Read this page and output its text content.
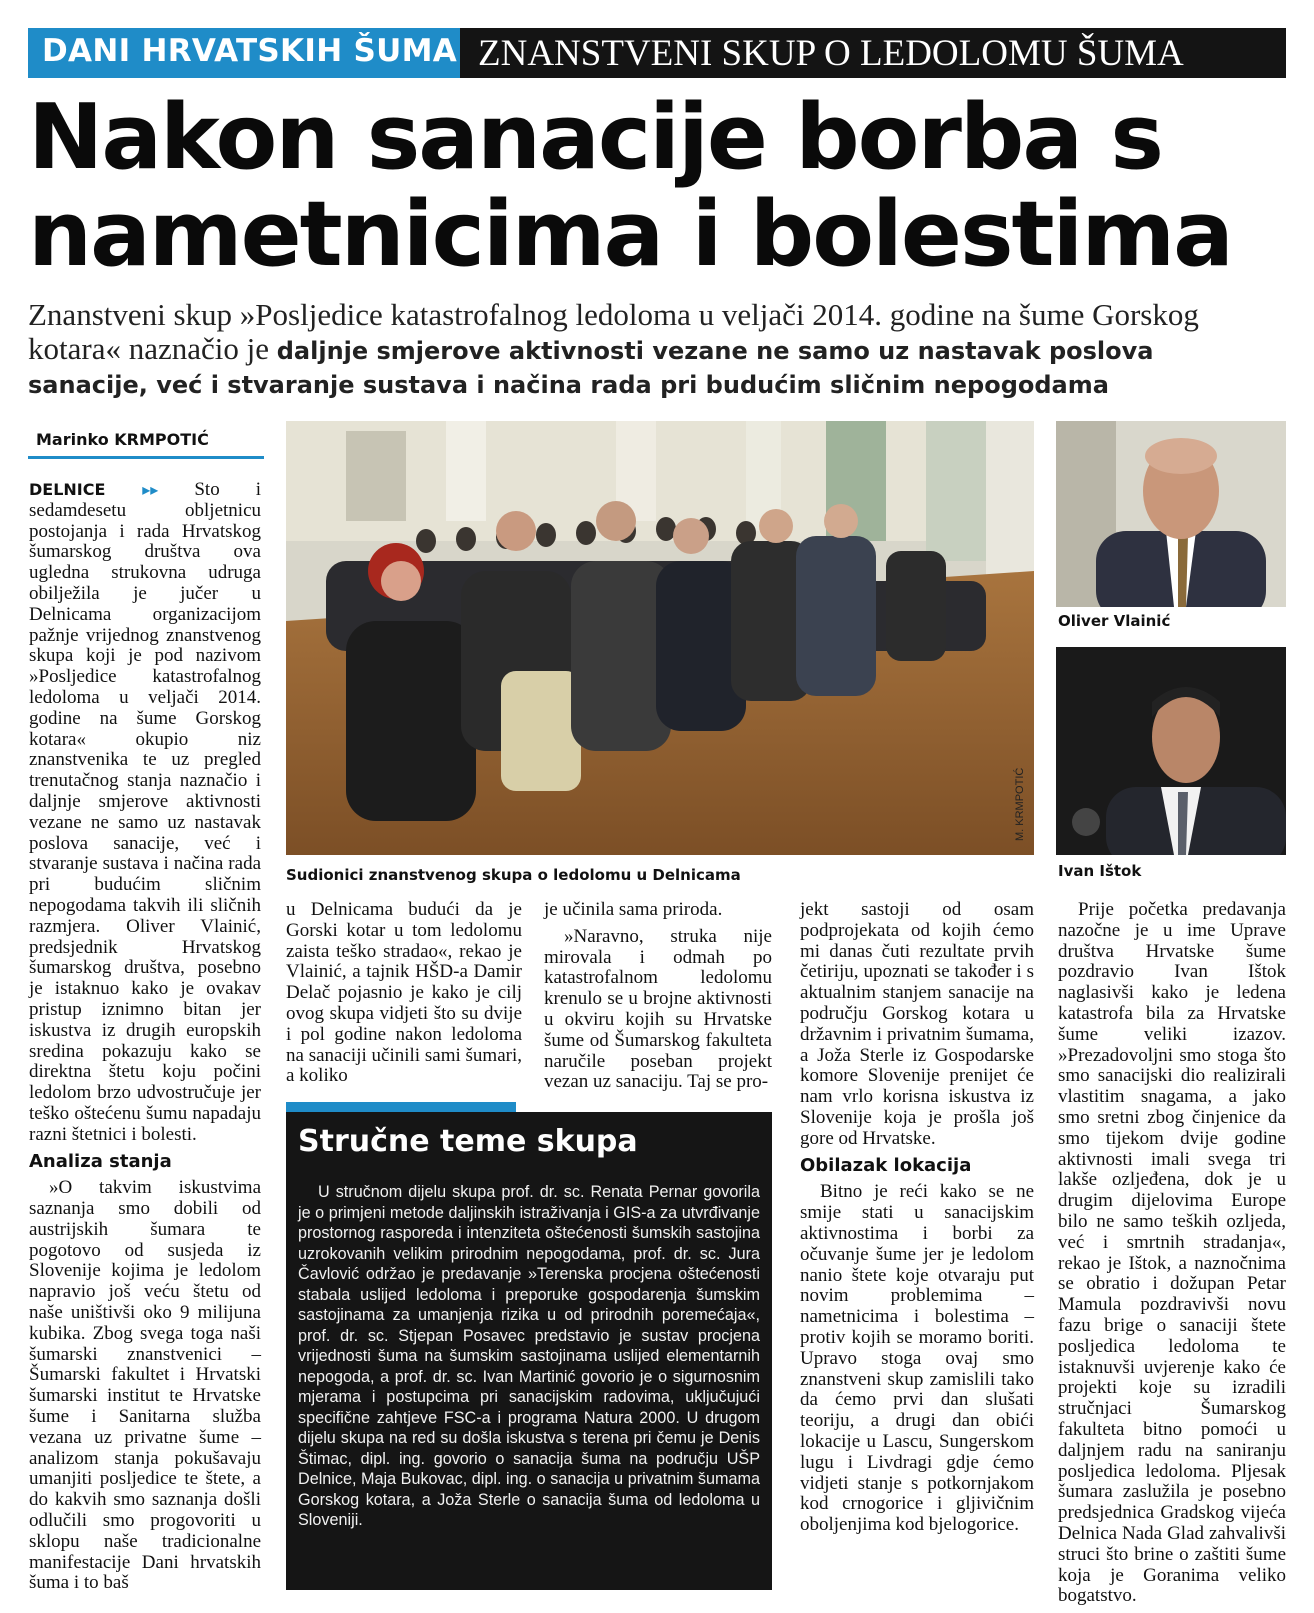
DANI HRVATSKIH ŠUMA ZNANSTVENI SKUP O LEDOLOMU ŠUMA
Nakon sanacije borba s
nametnicima i bolestima
Znanstveni skup »Posljedice katastrofalnog ledoloma u veljači 2014. godine na šume Gorskog
kotara« naznačio je daljnje smjerove aktivnosti vezane ne samo uz nastavak poslova
sanacije, već i stvaranje sustava i načina rada pri budućim sličnim nepogodama
Marinko KRMPOTIĆ

DELNICE ▸▸ Sto i sedamdesetu obljetnicu postojanja i rada Hrvatskog šumarskog društva ova ugledna strukovna udruga obilježila je jučer u Delnicama organizacijom pažnje vrijednog znanstvenog skupa koji je pod nazivom »Posljedice katastrofalnog ledoloma u veljači 2014. godine na šume Gorskog kotara« okupio niz znanstvenika te uz pregled trenutačnog stanja naznačio i daljnje smjerove aktivnosti vezane ne samo uz nastavak poslova sanacije, već i stvaranje sustava i načina rada pri budućim sličnim nepogodama takvih ili sličnih razmjera. Oliver Vlainić, predsjednik Hrvatskog šumarskog društva, posebno je istaknuo kako je ovakav pristup iznimno bitan jer iskustva iz drugih europskih sredina pokazuju kako se direktna štetu koju počini ledolom brzo udvostručuje jer teško oštećenu šumu napadaju razni štetnici i bolesti.

Analiza stanja

»O takvim iskustvima saznanja smo dobili od austrijskih šumara te pogotovo od susjeda iz Slovenije kojima je ledolom napravio još veću štetu od naše uništivši oko 9 milijuna kubika. Zbog svega toga naši šumarski znanstvenici – Šumarski fakultet i Hrvatski šumarski institut te Hrvatske šume i Sanitarna služba vezana uz privatne šume – analizom stanja pokušavaju umanjiti posljedice te štete, a do kakvih smo saznanja došli odlučili smo progovoriti u sklopu naše tradicionalne manifestacije Dani hrvatskih šuma i to baš

M. KRMPOTIĆ
Sudionici znanstvenog skupa o ledolomu u Delnicama
Oliver Vlainić
Ivan Ištok

u Delnicama budući da je Gorski kotar u tom ledolomu zaista teško stradao«, rekao je Vlainić, a tajnik HŠD-a Damir Delač pojasnio je kako je cilj ovog skupa vidjeti što su dvije i pol godine nakon ledoloma na sanaciji učinili sami šumari, a koliko

je učinila sama priroda.

»Naravno, struka nije mirovala i odmah po katastrofalnom ledolomu krenulo se u brojne aktivnosti u okviru kojih su Hrvatske šume od Šumarskog fakulteta naručile poseban projekt vezan uz sanaciju. Taj se pro-

jekt sastoji od osam podprojekata od kojih ćemo mi danas čuti rezultate prvih četiriju, upoznati se također i s aktualnim stanjem sanacije na području Gorskog kotara u državnim i privatnim šumama, a Joža Sterle iz Gospodarske komore Slovenije prenijet će nam vrlo korisna iskustva iz Slovenije koja je prošla još gore od Hrvatske.

Obilazak lokacija

Bitno je reći kako se ne smije stati u sanacijskim aktivnostima i borbi za očuvanje šume jer je ledolom nanio štete koje otvaraju put novim problemima – nametnicima i bolestima – protiv kojih se moramo boriti. Upravo stoga ovaj smo znanstveni skup zamislili tako da ćemo prvi dan slušati teoriju, a drugi dan obići lokacije u Lascu, Sungerskom lugu i Livdragi gdje ćemo vidjeti stanje s potkornjakom kod crnogorice i gljivičnim oboljenjima kod bjelogorice.

Prije početka predavanja nazočne je u ime Uprave društva Hrvatske šume pozdravio Ivan Ištok naglasivši kako je ledena katastrofa bila za Hrvatske šume veliki izazov. »Prezadovoljni smo stoga što smo sanacijski dio realizirali vlastitim snagama, a jako smo sretni zbog činjenice da smo tijekom dvije godine aktivnosti imali svega tri lakše ozljeđena, dok je u drugim dijelovima Europe bilo ne samo teških ozljeda, već i smrtnih stradanja«, rekao je Ištok, a naznočnima se obratio i dožupan Petar Mamula pozdravivši novu fazu brige o sanaciji štete posljedica ledoloma te istaknuvši uvjerenje kako će projekti koje su izradili stručnjaci Šumarskog fakulteta bitno pomoći u daljnjem radu na saniranju posljedica ledoloma. Pljesak šumara zaslužila je posebno predsjednica Gradskog vijeća Delnica Nada Glad zahvalivši struci što brine o zaštiti šume koja je Goranima veliko bogatstvo.

Stručne teme skupa

U stručnom dijelu skupa prof. dr. sc. Renata Pernar govorila je o primjeni metode daljinskih istraživanja i GIS-a za utvrđivanje prostornog rasporeda i intenziteta oštećenosti šumskih sastojina uzrokovanih velikim prirodnim nepogodama, prof. dr. sc. Jura Čavlović održao je predavanje »Terenska procjena oštećenosti stabala uslijed ledoloma i preporuke gospodarenja šumskim sastojinama za umanjenja rizika u od prirodnih poremećaja«, prof. dr. sc. Stjepan Posavec predstavio je sustav procjena vrijednosti šuma na šumskim sastojinama uslijed elementarnih nepogoda, a prof. dr. sc. Ivan Martinić govorio je o sigurnosnim mjerama i postupcima pri sanacijskim radovima, uključujući specifične zahtjeve FSC-a i programa Natura 2000. U drugom dijelu skupa na red su došla iskustva s terena pri čemu je Denis Štimac, dipl. ing. govorio o sanacija šuma na području UŠP Delnice, Maja Bukovac, dipl. ing. o sanacija u privatnim šumama Gorskog kotara, a Joža Sterle o sanacija šuma od ledoloma u Sloveniji.
